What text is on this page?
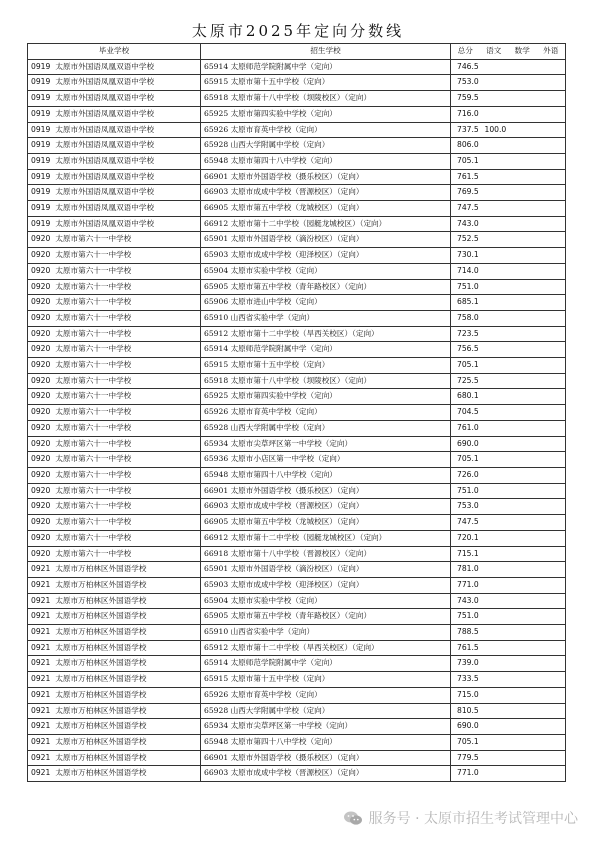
太原市2025年定向分数线
毕业学校	招生学校	总分 语文 数学 外语

0919 太原市外国语凤凰双语中学校	65914 太原师范学院附属中学（定向）	746.5

0919 太原市外国语凤凰双语中学校	65915 太原市第十五中学校（定向）	753.0

0919 太原市外国语凤凰双语中学校	65918 太原市第十八中学校（坝陵校区）（定向）	759.5

0919 太原市外国语凤凰双语中学校	65925 太原市第四实验中学校（定向）	716.0

0919 太原市外国语凤凰双语中学校	65926 太原市育英中学校（定向）	737.5 100.0

0919 太原市外国语凤凰双语中学校	65928 山西大学附属中学校（定向）	806.0

0919 太原市外国语凤凰双语中学校	65948 太原市第四十八中学校（定向）	705.1

0919 太原市外国语凤凰双语中学校	66901 太原市外国语学校（摄乐校区）（定向）	761.5

0919 太原市外国语凤凰双语中学校	66903 太原市成成中学校（晋源校区）（定向）	769.5

0919 太原市外国语凤凰双语中学校	66905 太原市第五中学校（龙城校区）（定向）	747.5

0919 太原市外国语凤凰双语中学校	66912 太原市第十二中学校（园艇龙城校区）（定向）	743.0

0920 太原市第六十一中学校	65901 太原市外国语学校（滴汾校区）（定向）	752.5

0920 太原市第六十一中学校	65903 太原市成成中学校（迎泽校区）（定向）	730.1

0920 太原市第六十一中学校	65904 太原市实验中学校（定向）	714.0

0920 太原市第六十一中学校	65905 太原市第五中学校（青年路校区）（定向）	751.0

0920 太原市第六十一中学校	65906 太原市进山中学校（定向）	685.1

0920 太原市第六十一中学校	65910 山西省实验中学（定向）	758.0

0920 太原市第六十一中学校	65912 太原市第十二中学校（旱西关校区）（定向）	723.5

0920 太原市第六十一中学校	65914 太原师范学院附属中学（定向）	756.5

0920 太原市第六十一中学校	65915 太原市第十五中学校（定向）	705.1

0920 太原市第六十一中学校	65918 太原市第十八中学校（坝陵校区）（定向）	725.5

0920 太原市第六十一中学校	65925 太原市第四实验中学校（定向）	680.1

0920 太原市第六十一中学校	65926 太原市育英中学校（定向）	704.5

0920 太原市第六十一中学校	65928 山西大学附属中学校（定向）	761.0

0920 太原市第六十一中学校	65934 太原市尖草坪区第一中学校（定向）	690.0

0920 太原市第六十一中学校	65936 太原市小店区第一中学校（定向）	705.1

0920 太原市第六十一中学校	65948 太原市第四十八中学校（定向）	726.0

0920 太原市第六十一中学校	66901 太原市外国语学校（摄乐校区）（定向）	751.0

0920 太原市第六十一中学校	66903 太原市成成中学校（晋源校区）（定向）	753.0

0920 太原市第六十一中学校	66905 太原市第五中学校（龙城校区）（定向）	747.5

0920 太原市第六十一中学校	66912 太原市第十二中学校（园艇龙城校区）（定向）	720.1

0920 太原市第六十一中学校	66918 太原市第十八中学校（晋源校区）（定向）	715.1

0921 太原市万柏林区外国语学校	65901 太原市外国语学校（滴汾校区）（定向）	781.0

0921 太原市万柏林区外国语学校	65903 太原市成成中学校（迎泽校区）（定向）	771.0

0921 太原市万柏林区外国语学校	65904 太原市实验中学校（定向）	743.0

0921 太原市万柏林区外国语学校	65905 太原市第五中学校（青年路校区）（定向）	751.0

0921 太原市万柏林区外国语学校	65910 山西省实验中学（定向）	788.5

0921 太原市万柏林区外国语学校	65912 太原市第十二中学校（旱西关校区）（定向）	761.5

0921 太原市万柏林区外国语学校	65914 太原师范学院附属中学（定向）	739.0

0921 太原市万柏林区外国语学校	65915 太原市第十五中学校（定向）	733.5

0921 太原市万柏林区外国语学校	65926 太原市育英中学校（定向）	715.0

0921 太原市万柏林区外国语学校	65928 山西大学附属中学校（定向）	810.5

0921 太原市万柏林区外国语学校	65934 太原市尖草坪区第一中学校（定向）	690.0

0921 太原市万柏林区外国语学校	65948 太原市第四十八中学校（定向）	705.1

0921 太原市万柏林区外国语学校	66901 太原市外国语学校（摄乐校区）（定向）	779.5

0921 太原市万柏林区外国语学校	66903 太原市成成中学校（晋源校区）（定向）	771.0
服务号 · 太原市招生考试管理中心
